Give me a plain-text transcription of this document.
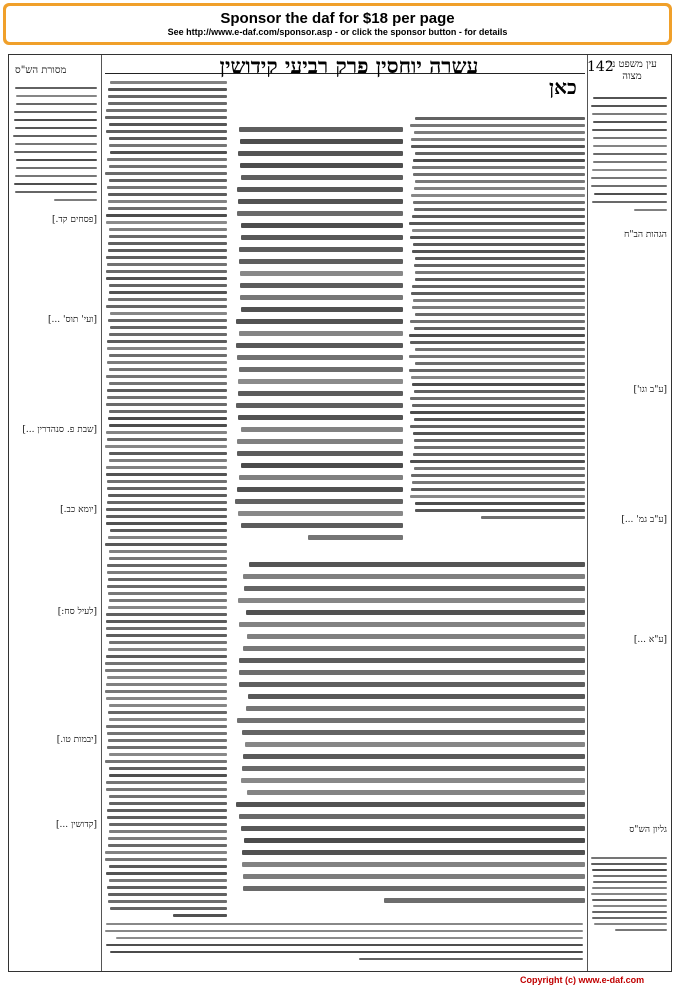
Sponsor the daf for $18 per page
See http://www.e-daf.com/sponsor.asp - or click the sponsor button - for details
מסורת הש"ס
עין משפט נר מצוה
עשרה יוחסין פרק רביעי קידושין	142
כאן
[פסחים קד.]
[ועי' תוס' ...]
[שבת פ. סנהדרין ...]
[יומא כב.]
[לעיל סח:]
[יבמות טו.]
[קדושין ...]
הגהות הב"ח
[ע"ב וגו']
[ע"ב גמ' ...]
[ע"א ...]
גליון הש"ס
Copyright (c) www.e-daf.com
